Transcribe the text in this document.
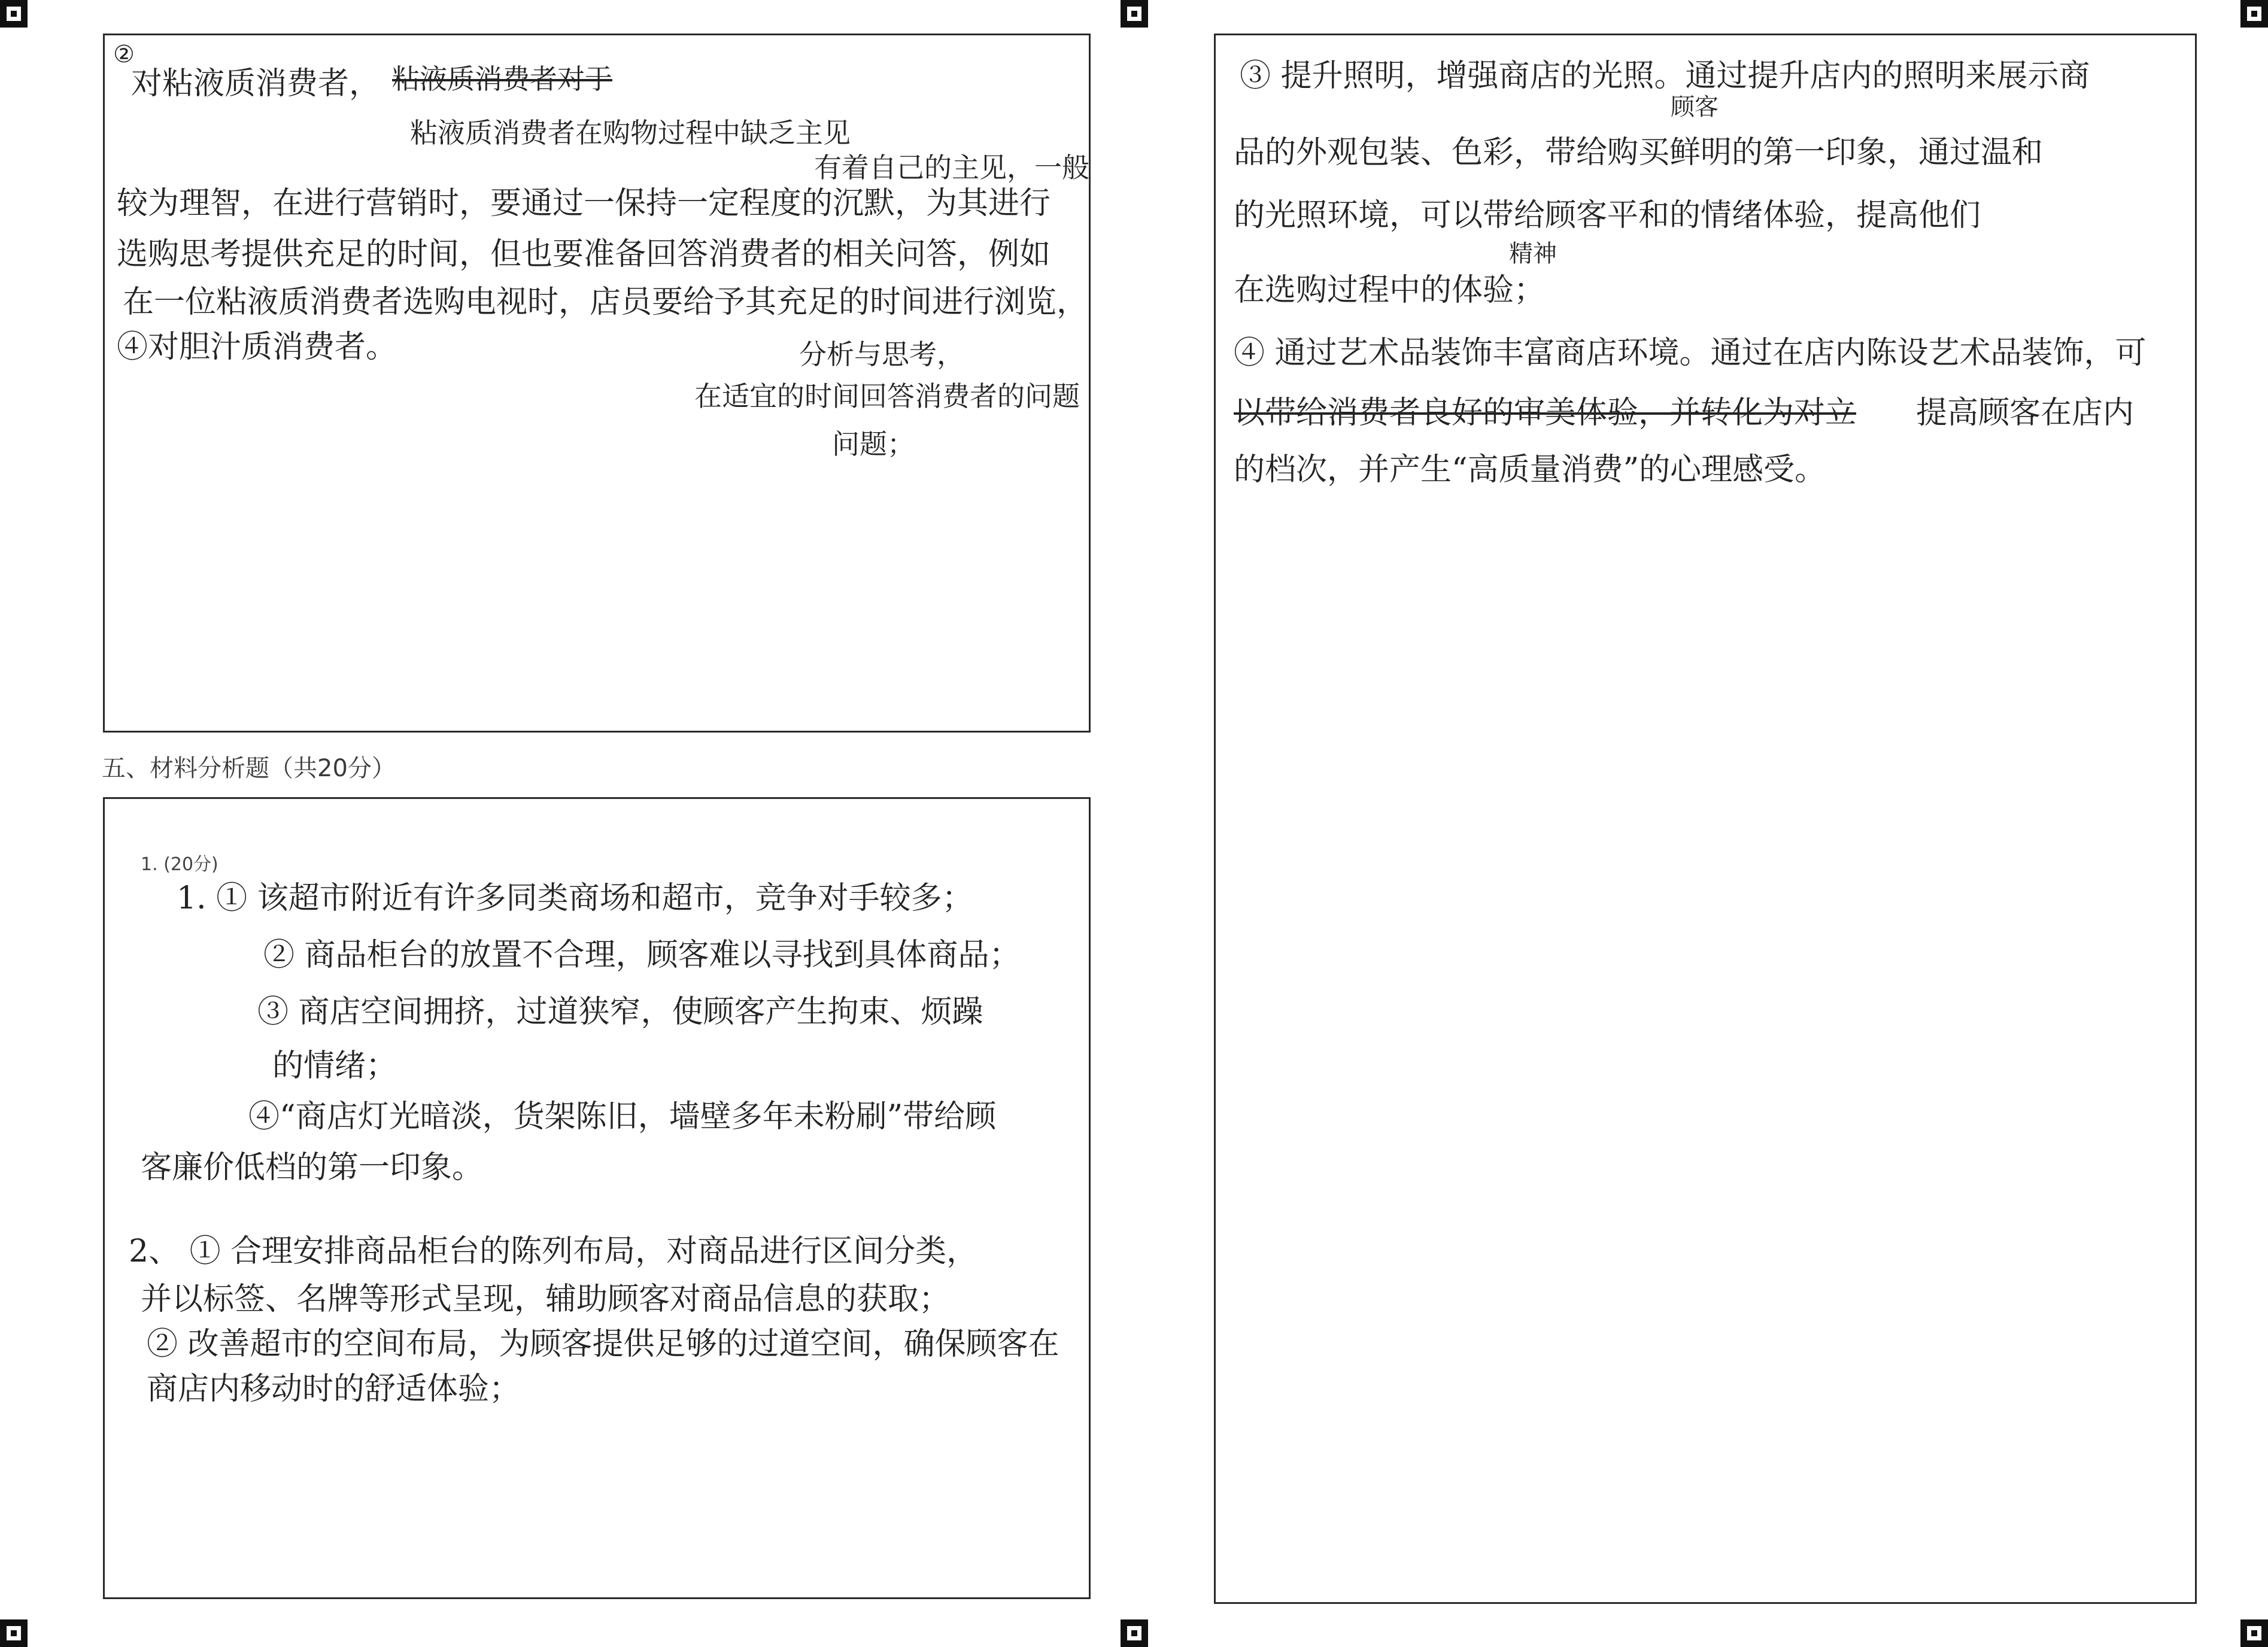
②
对粘液质消费者， 粘液质消费者对于
粘液质消费者在购物过程中缺乏主见
有着自己的主见，一般
较为理智，在进行营销时，要通过一保持一定程度的沉默，为其进行
选购思考提供充足的时间，但也要准备回答消费者的相关问答，例如
在一位粘液质消费者选购电视时，店员要给予其充足的时间进行浏览，
④对胆汁质消费者。	分析与思考，
在适宜的时间回答消费者的问题
问题；
五、材料分析题（共20分）
1. (20分)
1. ① 该超市附近有许多同类商场和超市，竞争对手较多；
② 商品柜台的放置不合理，顾客难以寻找到具体商品；
③ 商店空间拥挤，过道狭窄，使顾客产生拘束、烦躁
的情绪；
④“商店灯光暗淡，货架陈旧，墙壁多年未粉刷”带给顾
客廉价低档的第一印象。
2、 ① 合理安排商品柜台的陈列布局，对商品进行区间分类，
并以标签、名牌等形式呈现，辅助顾客对商品信息的获取；
② 改善超市的空间布局，为顾客提供足够的过道空间，确保顾客在
商店内移动时的舒适体验；
③ 提升照明，增强商店的光照。通过提升店内的照明来展示商
顾客
品的外观包装、色彩，带给购买鲜明的第一印象，通过温和
的光照环境，可以带给顾客平和的情绪体验，提高他们
精神
在选购过程中的体验；
④ 通过艺术品装饰丰富商店环境。通过在店内陈设艺术品装饰，可
以带给消费者良好的审美体验，并转化为对立 提高顾客在店内
的档次，并产生“高质量消费”的心理感受。
